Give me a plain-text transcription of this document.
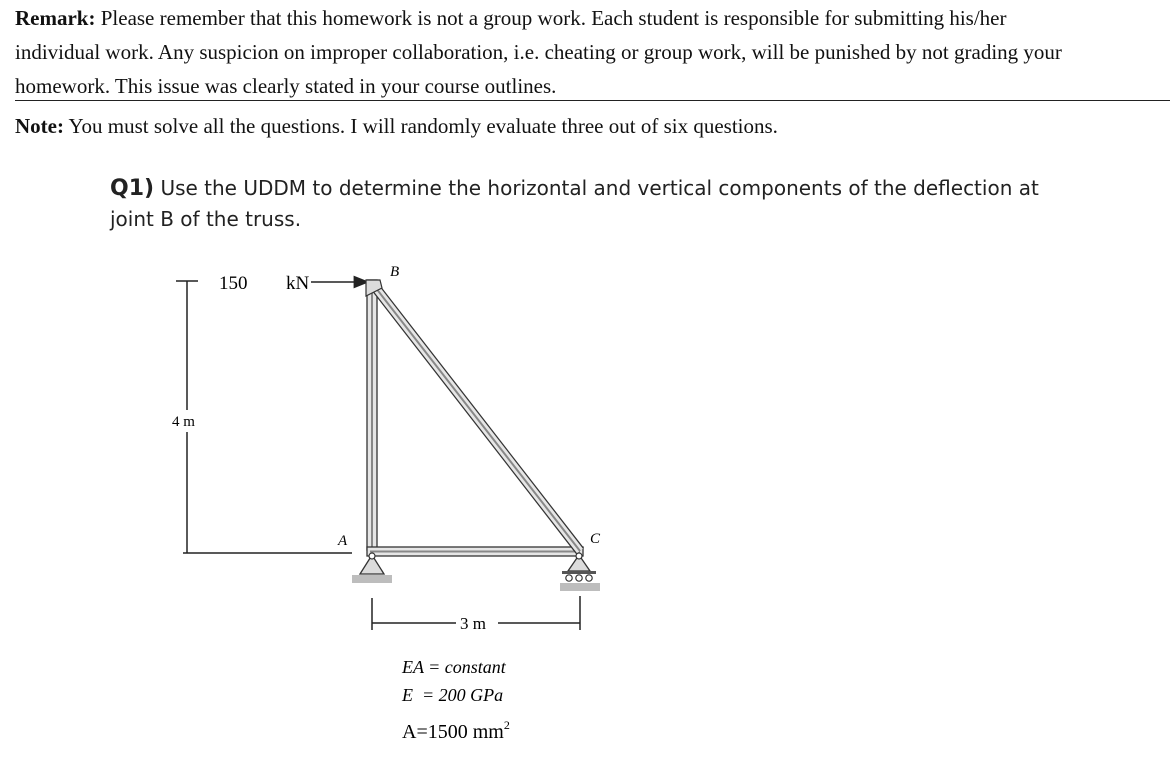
Remark: Please remember that this homework is not a group work. Each student is responsible for submitting his/her
individual work. Any suspicion on improper collaboration, i.e. cheating or group work, will be punished by not grading your
homework. This issue was clearly stated in your course outlines.
Note: You must solve all the questions. I will randomly evaluate three out of six questions.
Q1) Use the UDDM to determine the horizontal and vertical components of the deflection at
joint B of the truss.
4 m
150 kN
B
A	C
3 m
EA = constant
E  = 200 GPa
A=1500 $mm^2$
